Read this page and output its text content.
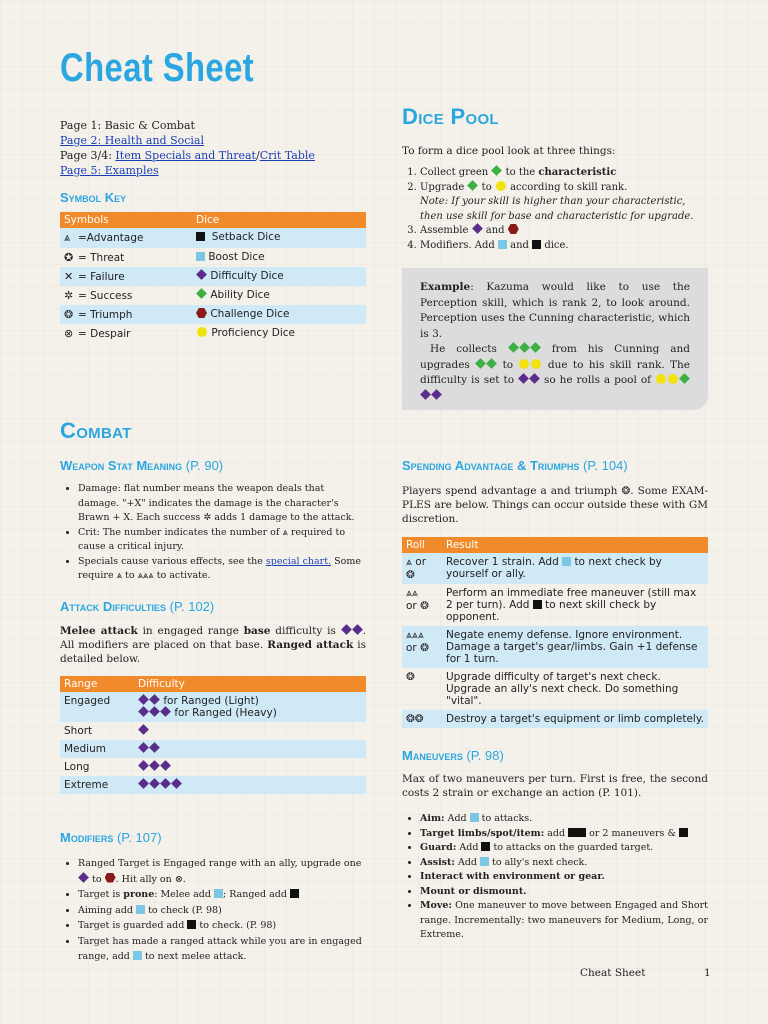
Cheat Sheet
Page 1: Basic & Combat
Page 2: Health and Social
Page 3/4: Item Specials and Threat/Crit Table
Page 5: Examples
Symbol Key
Symbols	Dice
⩓ =Advantage	Setback Dice
✪ = Threat	Boost Dice
✕ = Failure	Difficulty Dice
✲ = Success	Ability Dice
❂ = Triumph	Challenge Dice
⊗ = Despair	Proficiency Dice
Dice Pool

To form a dice pool look at three things:

1. Collect green to the characteristic
2. Upgrade to according to skill rank.
Note: If your skill is higher than your characteristic, then use skill for base and characteristic for upgrade.
3. Assemble and
4. Modifiers. Add and dice.
Example: Kazuma would like to use the Perception skill, which is rank 2, to look around. Perception uses the Cunning characteristic, which is 3.
He collects	from his Cunning and upgrades	to	due to his skill rank. The difficulty is set to	so he rolls a pool of
Combat
Weapon Stat Meaning (P. 90)
• Damage: flat number means the weapon deals that damage. "+X" indicates the damage is the character's Brawn + X. Each success ✲ adds 1 damage to the attack.
• Crit: The number indicates the number of ⩓ required to cause a critical injury.
• Specials cause various effects, see the special chart. Some require ⩓ to ⩓⩓⩓ to activate.
Attack Difficulties (P. 102)

Melee attack in engaged range base difficulty is	. All modifiers are placed on that base. Ranged attack is detailed below.

Range	Difficulty
Engaged	for Ranged (Light)
for Ranged (Heavy)
Short	
Medium	
Long	
Extreme	
Modifiers (P. 107)
• Ranged Target is Engaged range with an ally, upgrade one  to . Hit ally on ⊗.
• Target is prone: Melee add ; Ranged add
• Aiming add to check (P. 98)
• Target is guarded add to check. (P. 98)
• Target has made a ranged attack while you are in engaged range, add to next melee attack.
Spending Advantage & Triumphs (P. 104)

Players spend advantage a and triumph ❂. Some EXAM-PLES are below. Things can occur outside these with GM discretion.

Roll	Result
⩓ or
❂	Recover 1 strain. Add to next check by yourself or ally.
⩓⩓
or ❂	Perform an immediate free maneuver (still max 2 per turn). Add to next skill check by opponent.
⩓⩓⩓
or ❂	Negate enemy defense. Ignore environment. Damage a target's gear/limbs. Gain +1 defense for 1 turn.
❂	Upgrade difficulty of target's next check. Upgrade an ally's next check. Do something "vital".
❂❂	Destroy a target's equipment or limb completely.
Maneuvers (P. 98)

Max of two maneuvers per turn. First is free, the second costs 2 strain or exchange an action (P. 101).

• Aim: Add to attacks.
• Target limbs/spot/item: add	or 2 maneuvers &
• Guard: Add to attacks on the guarded target.
• Assist: Add to ally's next check.
• Interact with environment or gear.
• Mount or dismount.
• Move: One maneuver to move between Engaged and Short range. Incrementally: two maneuvers for Medium, Long, or Extreme.
Cheat Sheet	1
